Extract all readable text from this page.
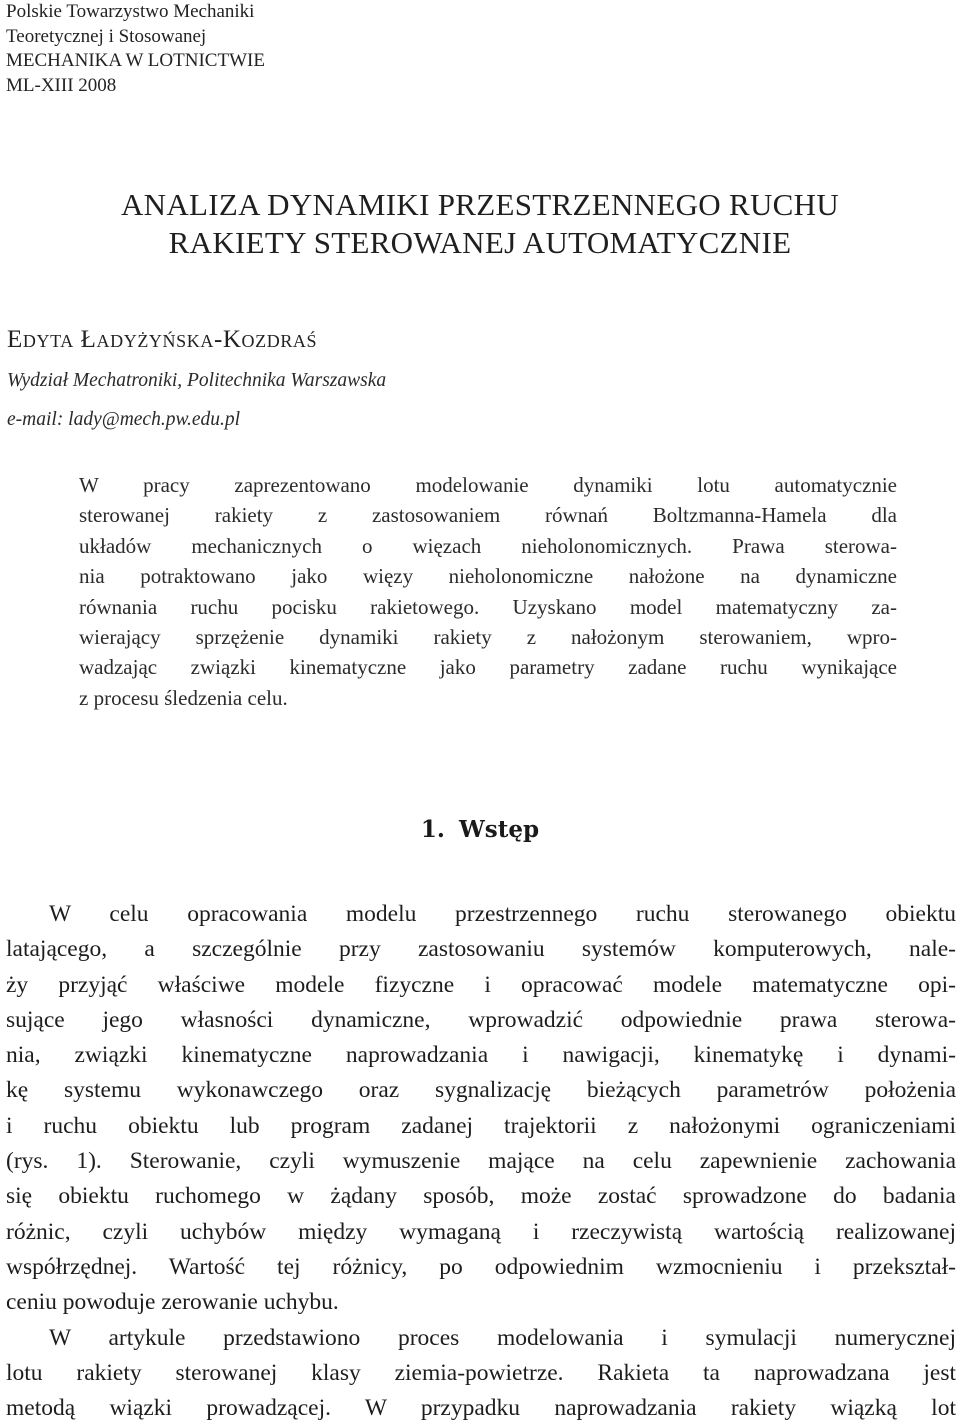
Polskie Towarzystwo Mechaniki
Teoretycznej i Stosowanej
MECHANIKA W LOTNICTWIE
ML-XIII 2008
ANALIZA DYNAMIKI PRZESTRZENNEGO RUCHU
RAKIETY STEROWANEJ AUTOMATYCZNIE
Edyta Ładyżyńska-Kozdraś
Wydział Mechatroniki, Politechnika Warszawska
e-mail: lady@mech.pw.edu.pl
W pracy zaprezentowano modelowanie dynamiki lotu automatycznie
sterowanej rakiety z zastosowaniem równań Boltzmanna-Hamela dla
układów mechanicznych o więzach nieholonomicznych. Prawa sterowa-
nia potraktowano jako więzy nieholonomiczne nałożone na dynamiczne
równania ruchu pocisku rakietowego. Uzyskano model matematyczny za-
wierający sprzężenie dynamiki rakiety z nałożonym sterowaniem, wpro-
wadzając związki kinematyczne jako parametry zadane ruchu wynikające
z procesu śledzenia celu.
1. Wstęp
W celu opracowania modelu przestrzennego ruchu sterowanego obiektu
latającego, a szczególnie przy zastosowaniu systemów komputerowych, nale-
ży przyjąć właściwe modele fizyczne i opracować modele matematyczne opi-
sujące jego własności dynamiczne, wprowadzić odpowiednie prawa sterowa-
nia, związki kinematyczne naprowadzania i nawigacji, kinematykę i dynami-
kę systemu wykonawczego oraz sygnalizację bieżących parametrów położenia
i ruchu obiektu lub program zadanej trajektorii z nałożonymi ograniczeniami
(rys. 1). Sterowanie, czyli wymuszenie mające na celu zapewnienie zachowania
się obiektu ruchomego w żądany sposób, może zostać sprowadzone do badania
różnic, czyli uchybów między wymaganą i rzeczywistą wartością realizowanej
współrzędnej. Wartość tej różnicy, po odpowiednim wzmocnieniu i przekształ-
ceniu powoduje zerowanie uchybu.
W artykule przedstawiono proces modelowania i symulacji numerycznej
lotu rakiety sterowanej klasy ziemia-powietrze. Rakieta ta naprowadzana jest
metodą wiązki prowadzącej. W przypadku naprowadzania rakiety wiązką lot
